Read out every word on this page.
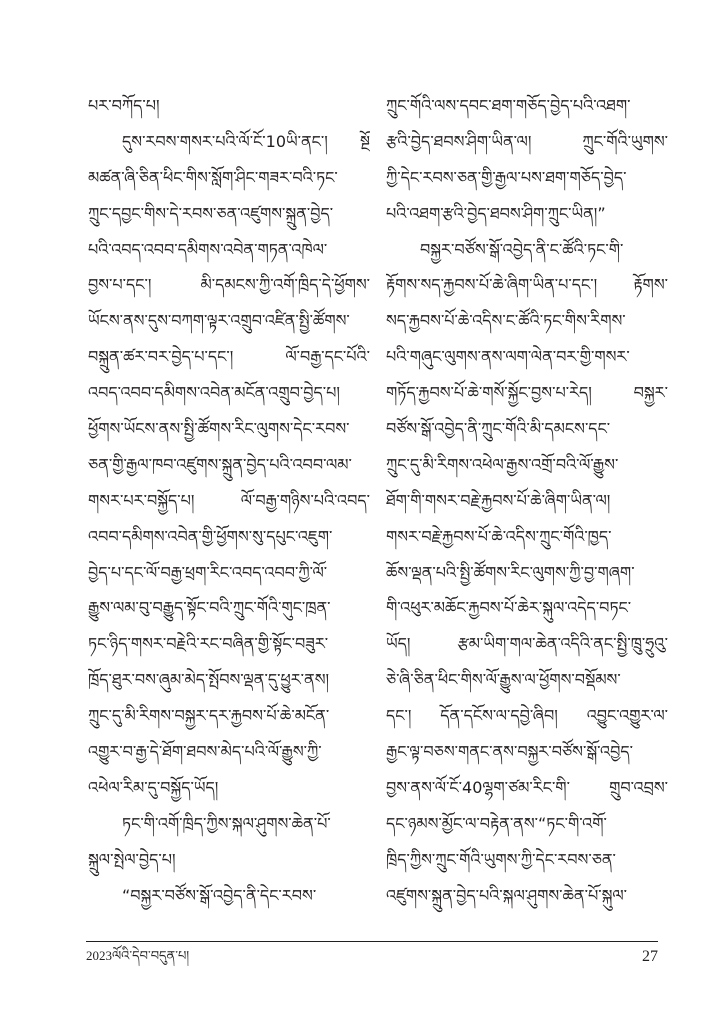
པར་བཀོད་པ།
དུས་རབས་གསར་པའི་ལོ་ངོ་10ཡི་ནང་། སྔོ
མཚན་ཞི་ཅིན་ཕིང་གིས་སློག་ཤིང་གཟར་བའི་ཏང་
ཀྲུང་དབྱང་གིས་དེ་རབས་ཅན་འཛུགས་སྐྲུན་བྱེད་
པའི་འབད་འབབ་དམིགས་འབེན་གཏན་འཁེལ་
བྱས་པ་དང་། མི་དམངས་ཀྱི་འགོ་ཁྲིད་དེ་ཕྱོགས་
ཡོངས་ནས་དུས་བཀག་ལྟར་འགྲུབ་འཛིན་སྤྱི་ཚོགས་
བསྐྲུན་ཚར་བར་བྱེད་པ་དང་། ལོ་བརྒྱ་དང་པོའི་
འབད་འབབ་དམིགས་འབེན་མངོན་འགྲུབ་བྱེད་པ།
ཕྱོགས་ཡོངས་ནས་སྤྱི་ཚོགས་རིང་ལུགས་དེང་རབས་
ཅན་གྱི་རྒྱལ་ཁབ་འཛུགས་སྐྲུན་བྱེད་པའི་འབབ་ལམ་
གསར་པར་བསྐྱོད་པ། ལོ་བརྒྱ་གཉིས་པའི་འབད་
འབབ་དམིགས་འབེན་གྱི་ཕྱོགས་སུ་དཔུང་འཇུག་
བྱེད་པ་དང་ལོ་བརྒྱ་ཕྲག་རིང་འབད་འབབ་ཀྱི་ལོ་
རྒྱུས་ལམ་བུ་བརྒྱུད་སྟོང་བའི་ཀྲུང་གོའི་གུང་ཁྲན་
ཏང་ཉིད་གསར་བརྗེའི་རང་བཞིན་གྱི་སྟོང་བཟུར་
ཁྲོད་ཐུར་བས་ཞུམ་མེད་སྤོབས་ལྡན་དུ་ཕྱུར་ནས།
ཀྲུང་དུ་མི་རིགས་བསྐྱར་དར་རྐྱབས་པོ་ཆེ་མངོན་
འགྱུར་བ་རྒྱ་དེ་ཐོག་ཐབས་མེད་པའི་ལོ་རྒྱུས་ཀྱི་
འཕེལ་རིམ་དུ་བསྐྱོད་ཡོད།
ཏང་གི་འགོ་ཁྲིད་ཀྱིས་སྐལ་ཤུགས་ཆེན་པོ་
སྐྲུལ་སྤེལ་བྱེད་པ།
“བསྐྱར་བཙོས་སྒོ་འབྱེད་ནི་དེང་རབས་
ཀྲུང་གོའི་ལས་དབང་ཐག་གཅོད་བྱེད་པའི་འཐག་
རྩའི་བྱེད་ཐབས་ཤིག་ཡིན་ལ། ཀྲུང་གོའི་ཡུགས་
ཀྱི་དེང་རབས་ཅན་གྱི་རྒྱལ་པས་ཐག་གཅོད་བྱེད་
པའི་འཐག་རྩའི་བྱེད་ཐབས་ཤིག་ཀྲུང་ཡིན།”
བསྐྱར་བཙོས་སྒོ་འབྱེད་ནི་ང་ཚོའི་ཏང་གི་
རྟོགས་སད་རྐྱབས་པོ་ཆེ་ཞིག་ཡིན་པ་དང་། རྟོགས་
སད་རྐྱབས་པོ་ཆེ་འདིས་ང་ཚོའི་ཏང་གིས་རིགས་
པའི་གཞུང་ལུགས་ནས་ལག་ལེན་བར་གྱི་གསར་
གཏོད་རྐྱབས་པོ་ཆེ་གསོ་སྐྱོང་བྱས་པ་རེད། བསྐྱར་
བཙོས་སྒོ་འབྱེད་ནི་ཀྲུང་གོའི་མི་དམངས་དང་
ཀྲུང་དུ་མི་རིགས་འཕེལ་རྒྱས་འགྲོ་བའི་ལོ་རྒྱུས་
ཐོག་གི་གསར་བརྗེ་རྐྱབས་པོ་ཆེ་ཞིག་ཡིན་ལ།
གསར་བརྗེ་རྐྱབས་པོ་ཆེ་འདིས་ཀྲུང་གོའི་ཁྱད་
ཆོས་ལྡན་པའི་སྤྱི་ཚོགས་རིང་ལུགས་ཀྱི་བྱ་གཞག་
གི་འཕུར་མཆོང་རྐྱབས་པོ་ཆེར་སྐུལ་འདེད་བཏང་
ཡོད། རྩམ་ཡིག་གལ་ཆེན་འདིའི་ནང་སྤྱི་ཁྲུ་ཧྲུའུ་
ཅེ་ཞི་ཅིན་ཕིང་གིས་ལོ་རྒྱུས་ལ་ཕྱོགས་བསྡོམས་
དང་། དོན་དངོས་ལ་དབྱེ་ཞིབ། འབྱུང་འགྱུར་ལ་
རྒྱང་ལྟ་བཅས་གནང་ནས་བསྐྱར་བཙོས་སྒོ་འབྱེད་
བྱས་ནས་ལོ་ངོ་40ལྷག་ཙམ་རིང་གི་ གྲུབ་འབྲས་
དང་ཉམས་མྱོང་ལ་བརྟེན་ནས་“ཏང་གི་འགོ་
ཁྲིད་ཀྱིས་ཀྲུང་གོའི་ཡུགས་ཀྱི་དེང་རབས་ཅན་
འཛུགས་སྐྲུན་བྱེད་པའི་སྐལ་ཤུགས་ཆེན་པོ་སྐུལ་
2023ལོའི་དེབ་བདུན་པ།	27
